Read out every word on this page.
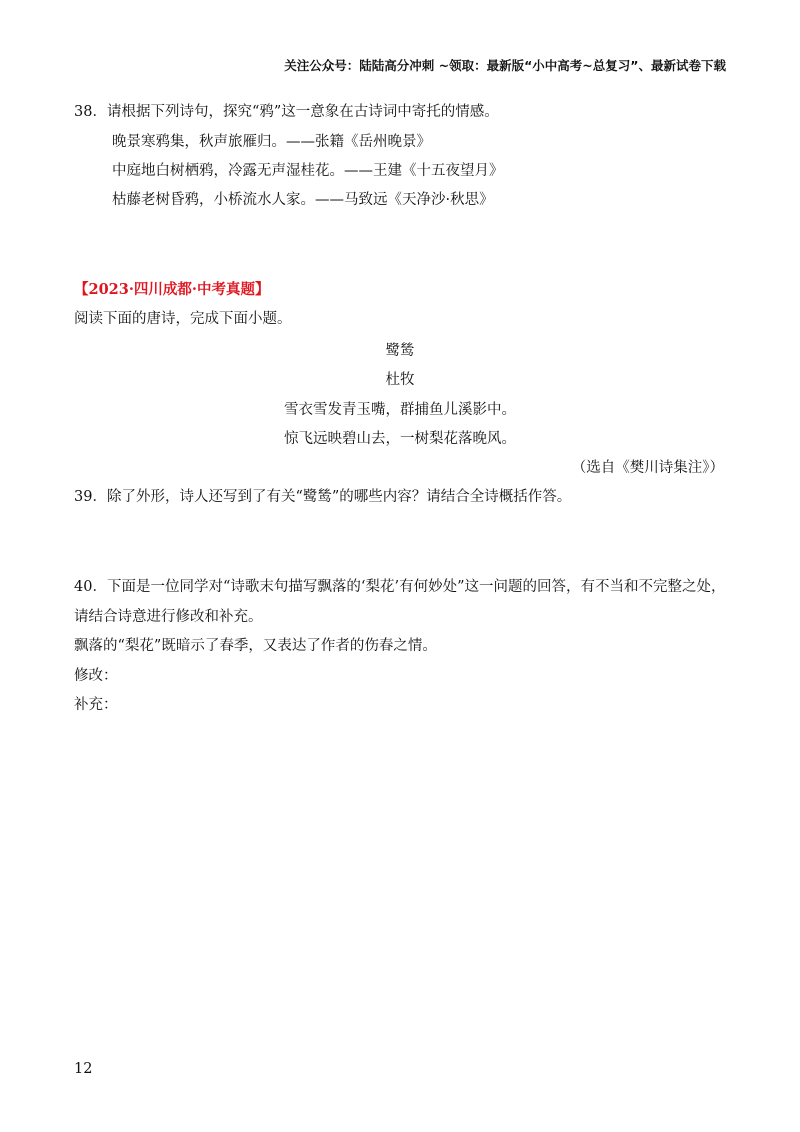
关注公众号：陆陆高分冲刺 ~领取：最新版“小中高考~总复习”、最新试卷下载
38．请根据下列诗句，探究“鸦”这一意象在古诗词中寄托的情感。
晚景寒鸦集，秋声旅雁归。——张籍《岳州晚景》
中庭地白树栖鸦，冷露无声湿桂花。——王建《十五夜望月》
枯藤老树昏鸦，小桥流水人家。——马致远《天净沙·秋思》
【2023·四川成都·中考真题】
阅读下面的唐诗，完成下面小题。
鹭鸶
杜牧
雪衣雪发青玉嘴，群捕鱼儿溪影中。
惊飞远映碧山去，一树梨花落晚风。
（选自《樊川诗集注》）
39．除了外形，诗人还写到了有关“鹭鸶”的哪些内容？请结合全诗概括作答。
40．下面是一位同学对“诗歌末句描写飘落的‘梨花’有何妙处”这一问题的回答，有不当和不完整之处，
请结合诗意进行修改和补充。
飘落的“梨花”既暗示了春季，又表达了作者的伤春之情。
修改：
补充：
12
